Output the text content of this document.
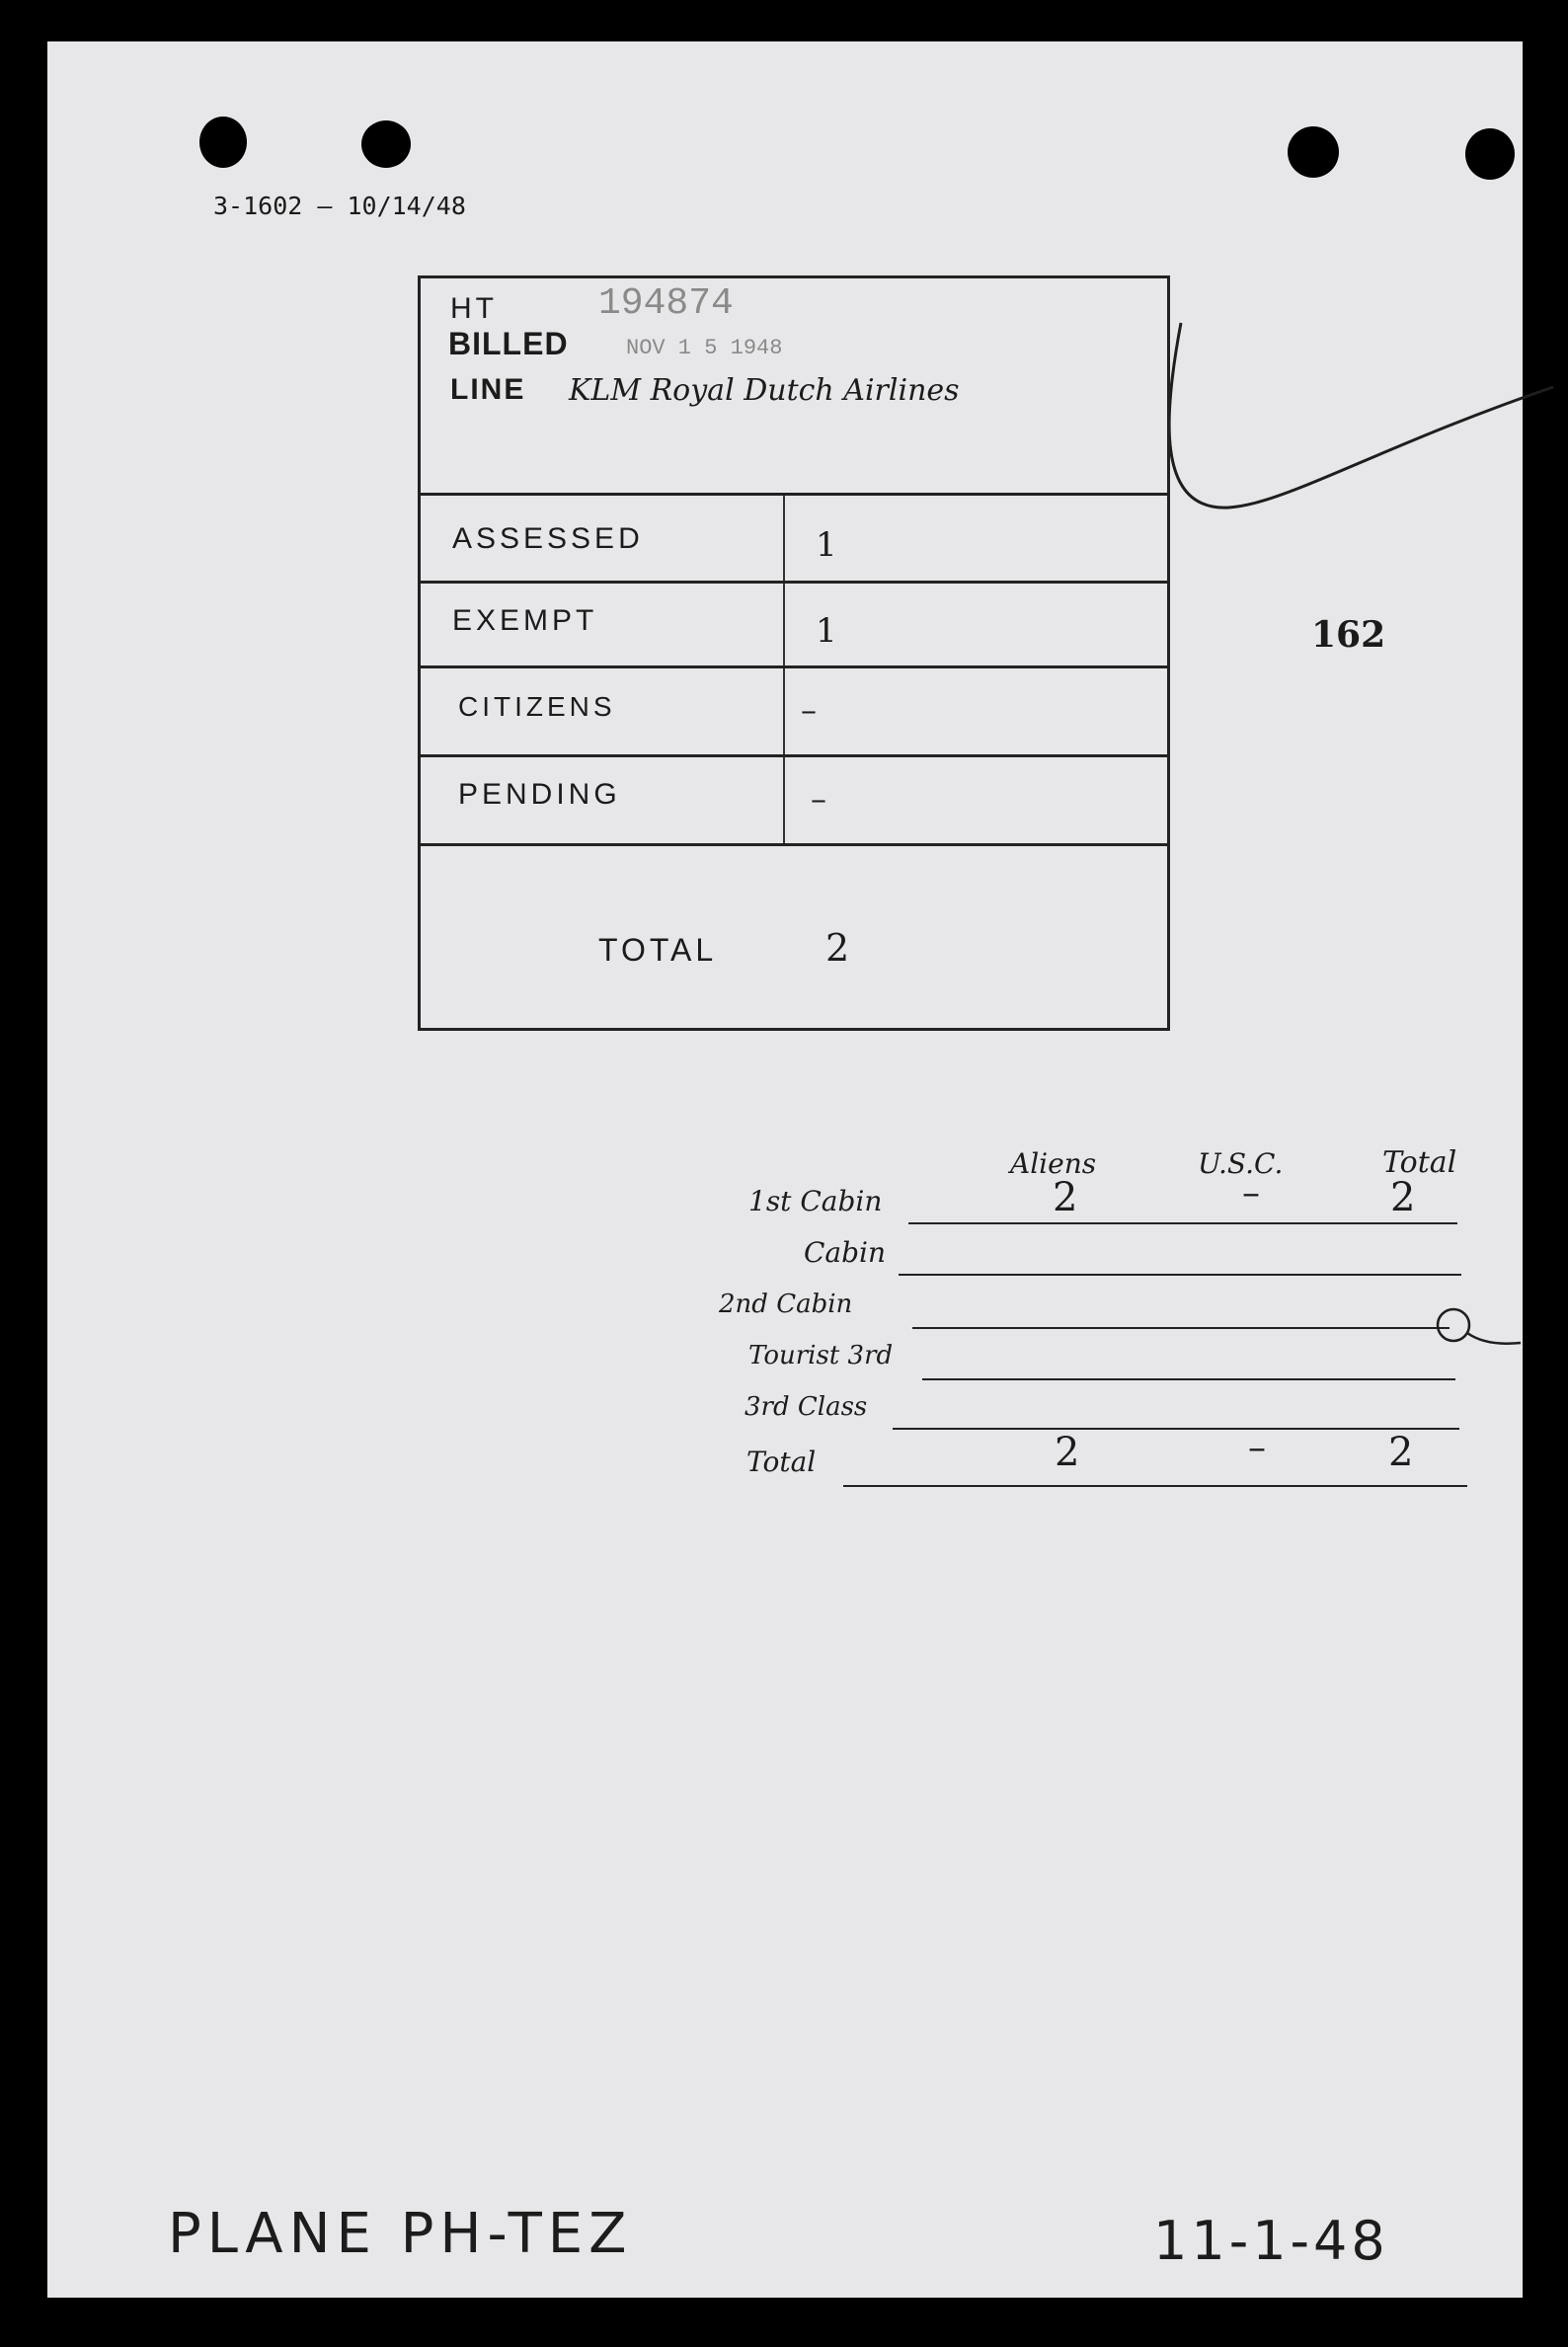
3-1602 — 10/14/48
HT	194874
BILLED	NOV 1 5 1948
LINE KLM Royal Dutch Airlines
ASSESSED	1
EXEMPT	1
CITIZENS	–
PENDING	–
TOTAL	2
162
Aliens	U.S.C.	Total
1st Cabin	2	–	2
Cabin
2nd Cabin
Tourist 3rd
3rd Class
Total	2	–	2
PLANE PH-TEZ	11-1-48
